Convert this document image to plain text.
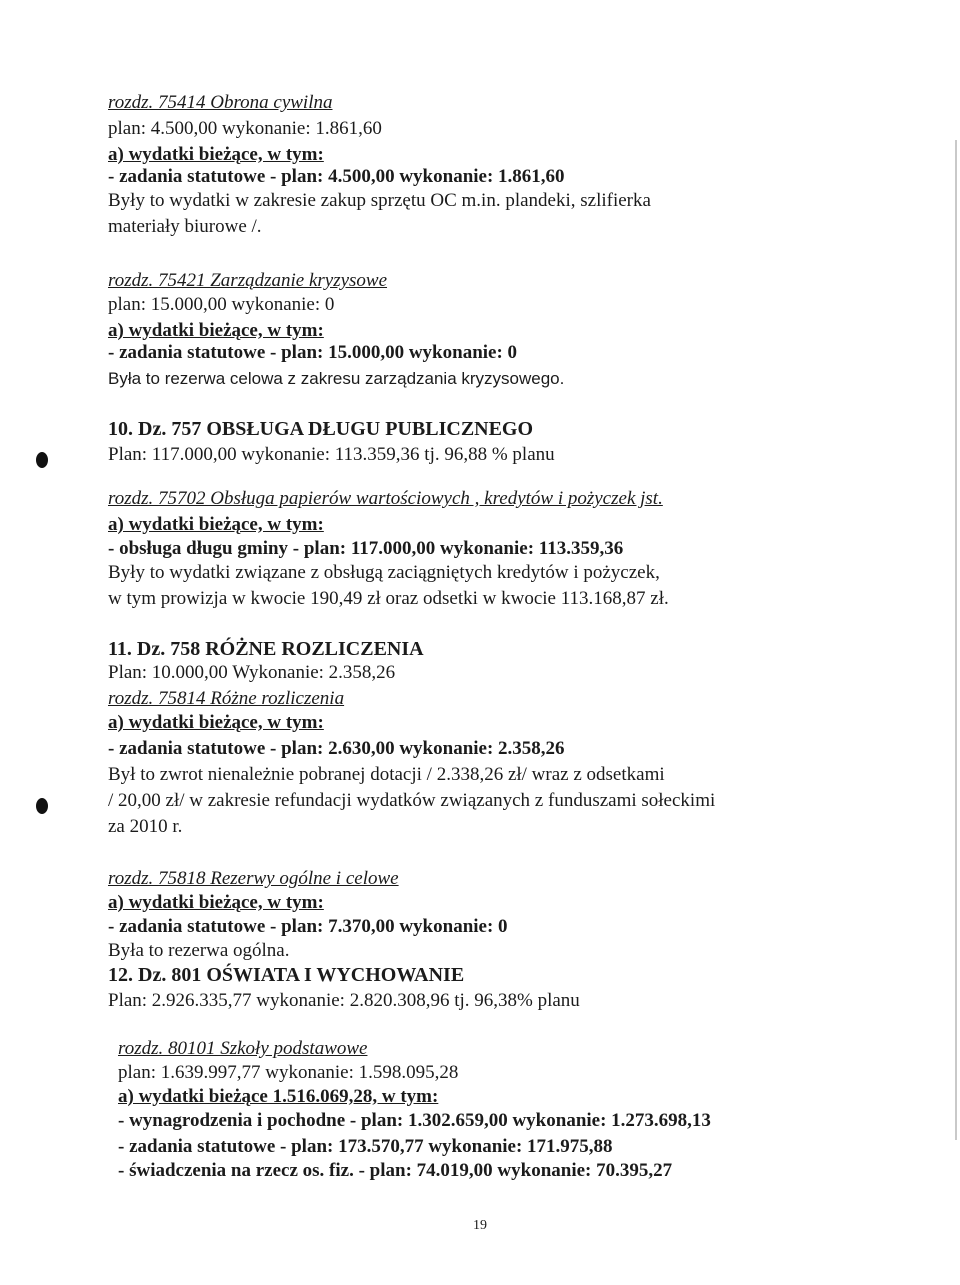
rozdz. 75414 Obrona cywilna
plan: 4.500,00 wykonanie: 1.861,60
a) wydatki bieżące, w tym:
- zadania statutowe - plan: 4.500,00 wykonanie: 1.861,60
Były to wydatki w zakresie zakup sprzętu OC m.in. plandeki, szlifierka
materiały biurowe /.
rozdz. 75421 Zarządzanie kryzysowe
plan: 15.000,00 wykonanie: 0
a) wydatki bieżące, w tym:
- zadania statutowe - plan: 15.000,00 wykonanie: 0
Była to rezerwa celowa z zakresu zarządzania kryzysowego.
10. Dz. 757 OBSŁUGA DŁUGU PUBLICZNEGO
Plan: 117.000,00 wykonanie: 113.359,36 tj. 96,88 % planu
rozdz. 75702 Obsługa papierów wartościowych , kredytów i pożyczek jst.
a) wydatki bieżące, w tym:
- obsługa długu gminy - plan: 117.000,00 wykonanie: 113.359,36
Były to wydatki związane z obsługą zaciągniętych kredytów i pożyczek,
w tym prowizja w kwocie 190,49 zł oraz odsetki w kwocie 113.168,87 zł.
11. Dz. 758 RÓŻNE ROZLICZENIA
Plan: 10.000,00 Wykonanie: 2.358,26
rozdz. 75814 Różne rozliczenia
a) wydatki bieżące, w tym:
- zadania statutowe - plan: 2.630,00 wykonanie: 2.358,26
Był to zwrot nienależnie pobranej dotacji / 2.338,26 zł/ wraz z odsetkami
/ 20,00 zł/ w zakresie refundacji wydatków związanych z funduszami sołeckimi
za 2010 r.
rozdz. 75818 Rezerwy ogólne i celowe
a) wydatki bieżące, w tym:
- zadania statutowe - plan: 7.370,00 wykonanie: 0
Była to rezerwa ogólna.
12. Dz. 801 OŚWIATA I WYCHOWANIE
Plan: 2.926.335,77 wykonanie: 2.820.308,96 tj. 96,38% planu
rozdz. 80101 Szkoły podstawowe
plan: 1.639.997,77 wykonanie: 1.598.095,28
a) wydatki bieżące 1.516.069,28, w tym:
- wynagrodzenia i pochodne - plan: 1.302.659,00 wykonanie: 1.273.698,13
- zadania statutowe - plan: 173.570,77 wykonanie: 171.975,88
- świadczenia na rzecz os. fiz. - plan: 74.019,00 wykonanie: 70.395,27
19
